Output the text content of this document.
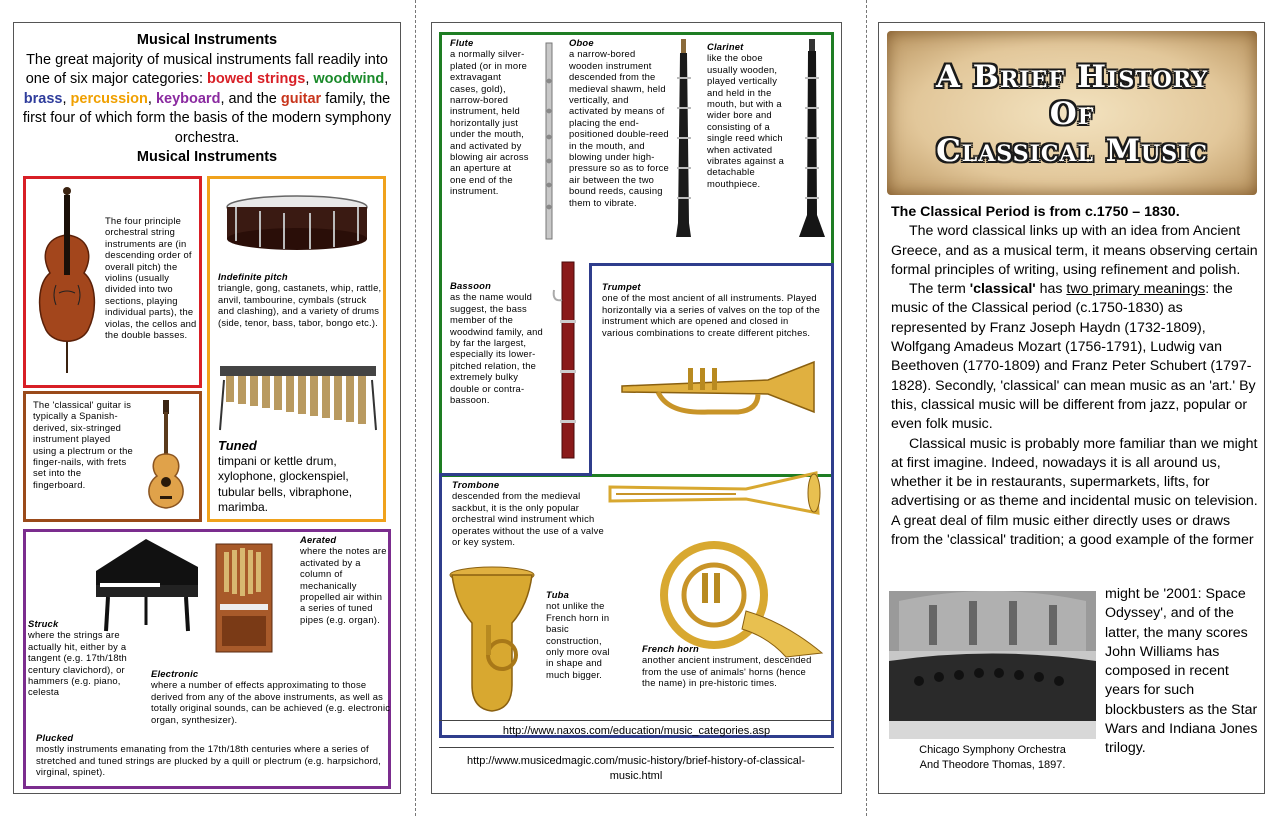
Musical Instruments
The great majority of musical instruments fall readily into one of six major categories: bowed strings, woodwind, brass, percussion, keyboard, and the guitar family, the first four of which form the basis of the modern symphony orchestra.
Musical Instruments
The four principle orchestral string instruments are (in descending order of overall pitch) the violins (usually divided into two sections, playing individual parts), the violas, the cellos and the double basses.
The 'classical' guitar is typically a Spanish-derived, six-stringed instrument played using a plectrum or the finger-nails, with frets set into the fingerboard.
Indefinite pitch
triangle, gong, castanets, whip, rattle, anvil, tambourine, cymbals (struck and clashing), and a variety of drums (side, tenor, bass, tabor, bongo etc.).
Tuned
timpani or kettle drum, xylophone, glockenspiel, tubular bells, vibraphone, marimba.
Aerated
where the notes are activated by a column of mechanically propelled air within a series of tuned pipes (e.g. organ).
Struck
where the strings are actually hit, either by a tangent (e.g. 17th/18th century clavichord), or hammers (e.g. piano, celesta
Electronic
where a number of effects approximating to those derived from any of the above instruments, as well as totally original sounds, can be achieved (e.g. electronic organ, synthesizer).
Plucked
mostly instruments emanating from the 17th/18th centuries where a series of stretched and tuned strings are plucked by a quill or plectrum (e.g. harpsichord, virginal, spinet).
Flute
a normally silver-plated (or in more extravagant cases, gold), narrow-bored instrument, held horizontally just under the mouth, and activated by blowing air across an aperture at one end of the instrument.
Oboe
a narrow-bored wooden instrument descended from the medieval shawm, held vertically, and activated by means of placing the end-positioned double-reed in the mouth, and blowing under high-pressure so as to force air between the two bound reeds, causing them to vibrate.
Clarinet
like the oboe usually wooden, played vertically and held in the mouth, but with a wider bore and consisting of a single reed which when activated vibrates against a detachable mouthpiece.
Bassoon
as the name would suggest, the bass member of the woodwind family, and by far the largest, especially its lower-pitched relation, the extremely bulky double or contra-bassoon.
Trumpet
one of the most ancient of all instruments. Played horizontally via a series of valves on the top of the instrument which are opened and closed in various combinations to create different pitches.
Trombone
descended from the medieval sackbut, it is the only popular orchestral wind instrument which operates without the use of a valve or key system.
Tuba
not unlike the French horn in basic construction, only more oval in shape and much bigger.
French horn
another ancient instrument, descended from the use of animals' horns (hence the name) in pre-historic times.
http://www.naxos.com/education/music_categories.asp
http://www.musicedmagic.com/music-history/brief-history-of-classical-music.html
A Brief History
Of
Classical Music
The Classical Period is from c.1750 – 1830.
The word classical links up with an idea from Ancient Greece, and as a musical term, it means observing certain formal principles of writing, using refinement and polish.
The term 'classical' has two primary meanings: the music of the Classical period (c.1750-1830) as represented by Franz Joseph Haydn (1732-1809), Wolfgang Amadeus Mozart (1756-1791), Ludwig van Beethoven (1770-1809) and Franz Peter Schubert (1797-1828). Secondly, 'classical' can mean music as an 'art.' By this, classical music will be different from jazz, popular or even folk music.
Classical music is probably more familiar than we might at first imagine. Indeed, nowadays it is all around us, whether it be in restaurants, supermarkets, lifts, for advertising or as theme and incidental music on television. A great deal of film music either directly uses or draws from the 'classical' tradition; a good example of the former
might be '2001: Space Odyssey', and of the latter, the many scores John Williams has composed in recent years for such blockbusters as the Star Wars and Indiana Jones trilogy.
Chicago Symphony Orchestra
And Theodore Thomas, 1897.
